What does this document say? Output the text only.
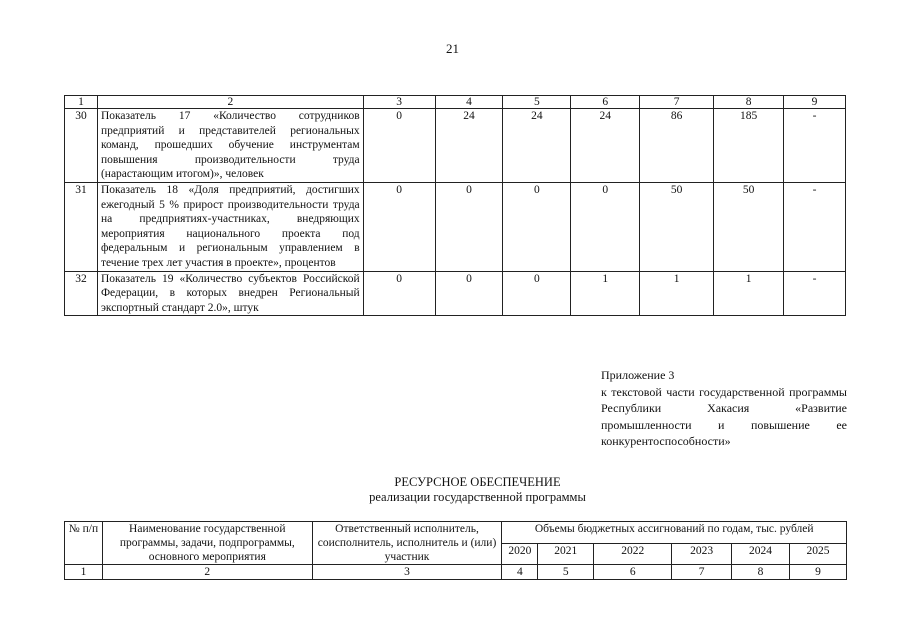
21
1	2	3	4	5	6	7	8	9
30	Показатель 17 «Количество сотрудников предприятий и представителей региональных команд, прошедших обучение инструментам повышения производительности труда (нарастающим итогом)», человек	0	24	24	24	86	185	-
31	Показатель 18 «Доля предприятий, достигших ежегодный 5 % прирост производительности труда на предприятиях-участниках, внедряющих мероприятия национального проекта под федеральным и региональным управлением в течение трех лет участия в проекте», процентов	0	0	0	0	50	50	-
32	Показатель 19 «Количество субъектов Российской Федерации, в которых внедрен Региональный экспортный стандарт 2.0», штук	0	0	0	1	1	1	-
Приложение 3
к текстовой части государственной программы Республики Хакасия «Развитие промышленности и повышение ее конкурентоспособности»
РЕСУРСНОЕ ОБЕСПЕЧЕНИЕ
реализации государственной программы
№ п/п	Наименование государственной программы, задачи, подпрограммы, основного мероприятия	Ответственный исполнитель, соисполнитель, исполнитель и (или) участник	Объемы бюджетных ассигнований по годам, тыс. рублей					
			2020	2021	2022	2023	2024	2025
1	2	3	4	5	6	7	8	9
